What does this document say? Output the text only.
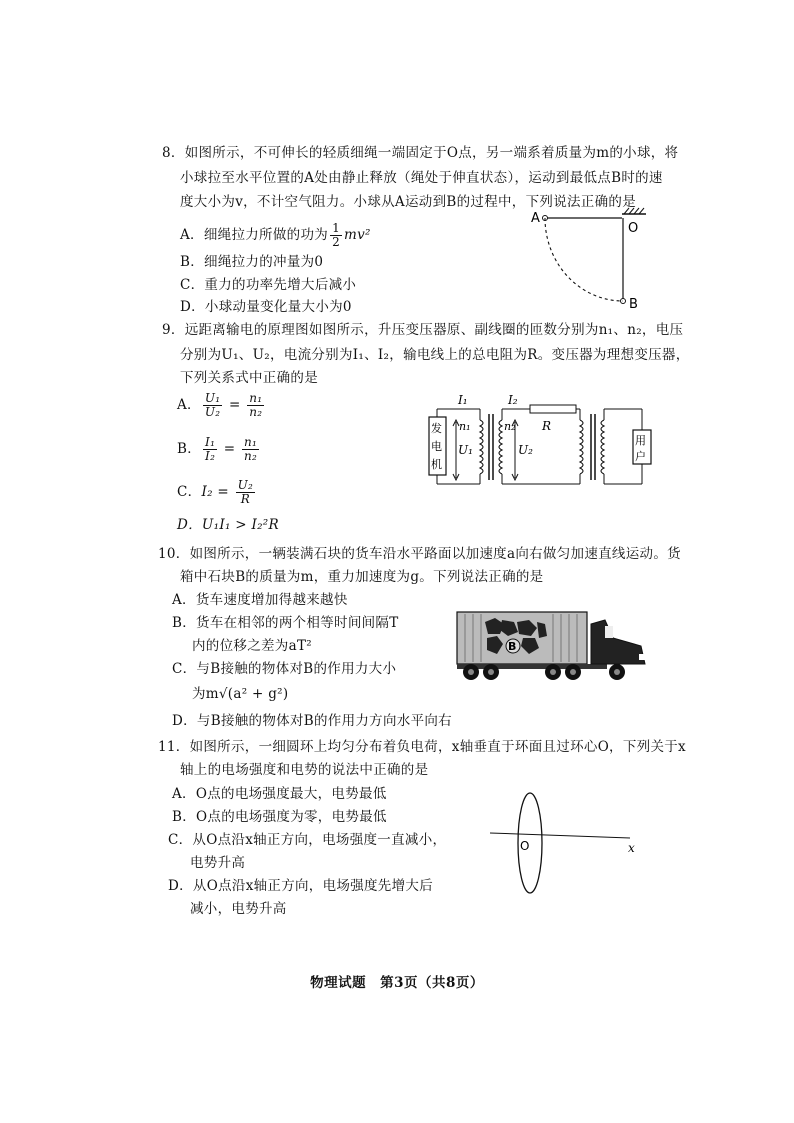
8．如图所示，不可伸长的轻质细绳一端固定于O点，另一端系着质量为m的小球，将
小球拉至水平位置的A处由静止释放（绳处于伸直状态），运动到最低点B时的速
度大小为v，不计空气阻力。小球从A运动到B的过程中，下列说法正确的是
A．细绳拉力所做的功为 $\frac{1}{2} mv^2$
B．细绳拉力的冲量为0
C．重力的功率先增大后减小
D．小球动量变化量大小为0
A
O
B
9．远距离输电的原理图如图所示，升压变压器原、副线圈的匝数分别为n₁、n₂，电压
分别为U₁、U₂，电流分别为I₁、I₂，输电线上的总电阻为R。变压器为理想变压器，
下列关系式中正确的是
A． $\frac{\text{U₁}}{\text{U₂}} = \frac{\text{n₁}}{\text{n₂}}$
B． $\frac{\text{I₁}}{\text{I₂}} = \frac{\text{n₁}}{\text{n₂}}$
C．$I_2 = \frac{\text{U₂}}{R}$
D．U₁I₁ > I₂²R
发
电
机
用
户
U₁
n₁
I₁
U₂
n₂
I₂
R
10．如图所示，一辆装满石块的货车沿水平路面以加速度a向右做匀加速直线运动。货
箱中石块B的质量为m，重力加速度为g。下列说法正确的是
A．货车速度增加得越来越快
B．货车在相邻的两个相等时间间隔T
内的位移之差为aT²
C．与B接触的物体对B的作用力大小
为m√(a² + g²)
D．与B接触的物体对B的作用力方向水平向右
B
11．如图所示，一细圆环上均匀分布着负电荷，x轴垂直于环面且过环心O，下列关于x
轴上的电场强度和电势的说法中正确的是
A．O点的电场强度最大，电势最低
B．O点的电场强度为零，电势最低
C．从O点沿x轴正方向，电场强度一直减小，
电势升高
D．从O点沿x轴正方向，电场强度先增大后
减小，电势升高
O	x
物理试题　第3页（共8页）
